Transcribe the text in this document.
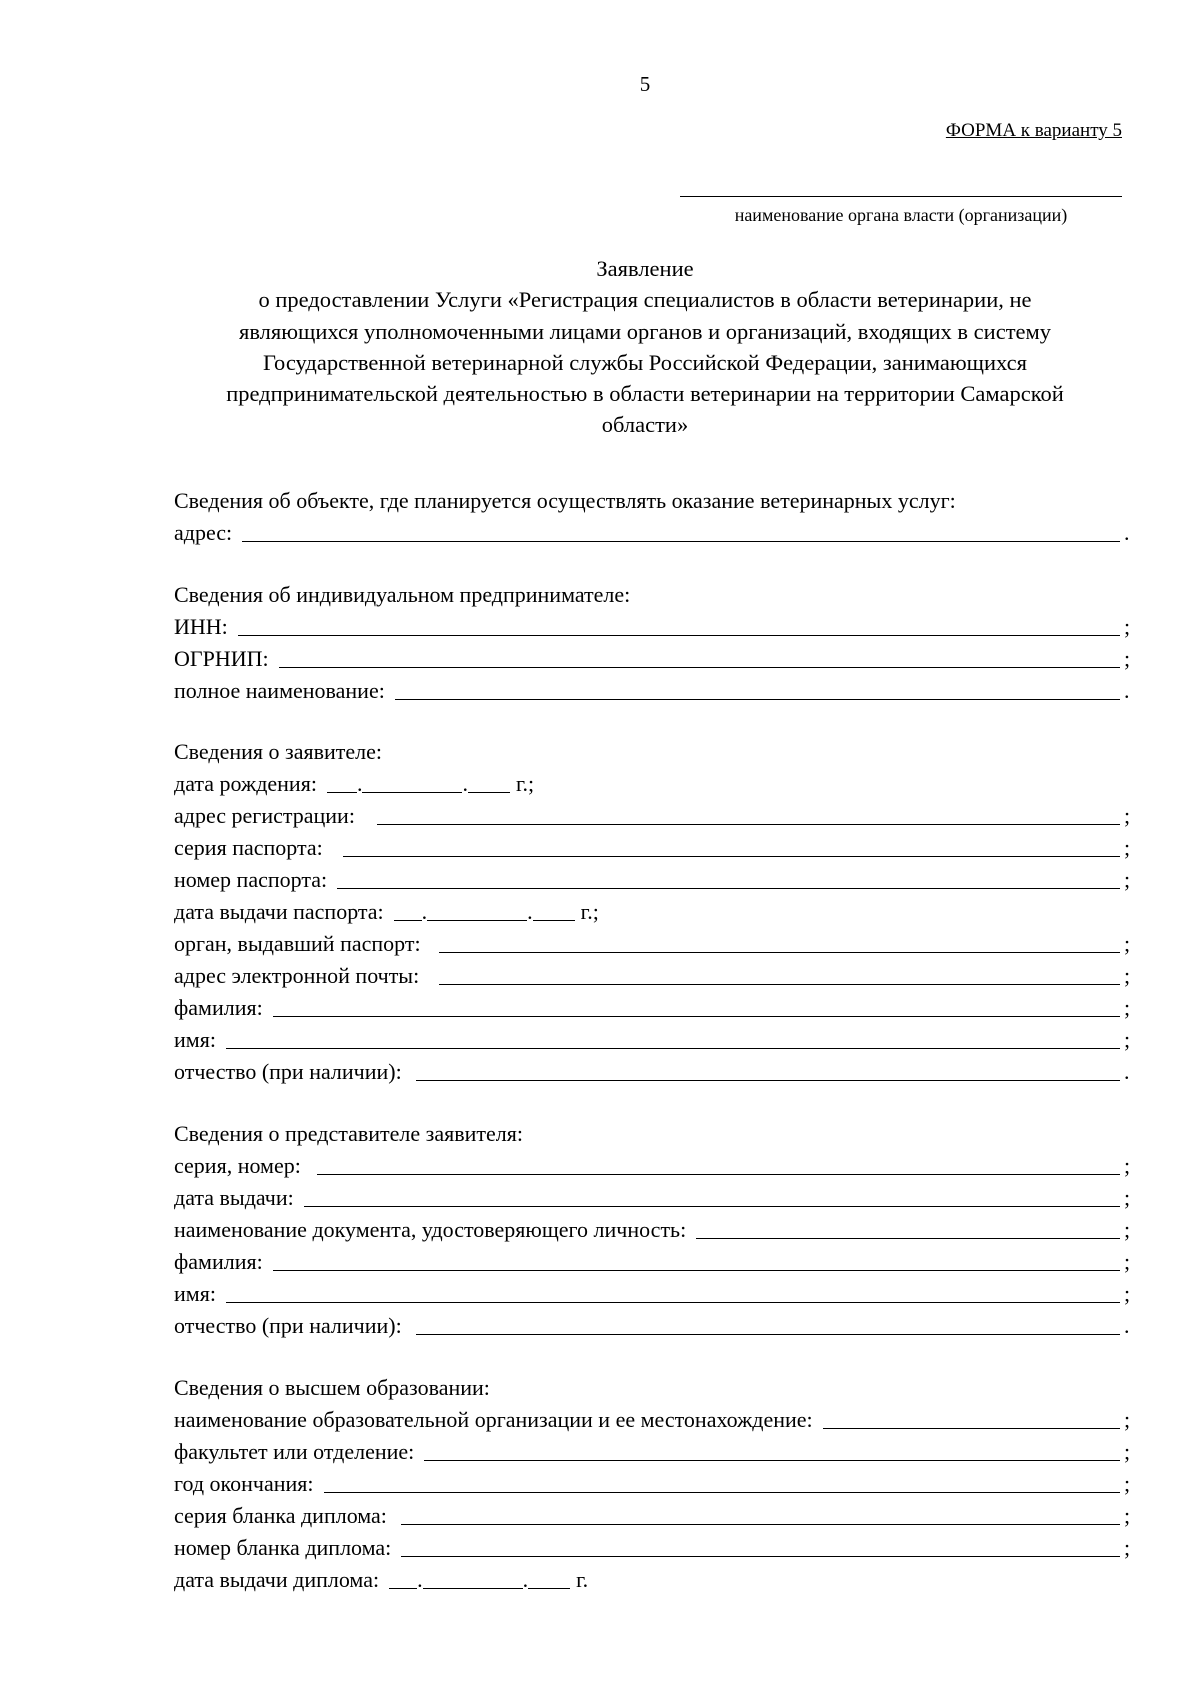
5
ФОРМА к варианту 5
наименование органа власти (организации)
Заявление
о предоставлении Услуги «Регистрация специалистов в области ветеринарии, не
являющихся уполномоченными лицами органов и организаций, входящих в систему
Государственной ветеринарной службы Российской Федерации, занимающихся
предпринимательской деятельностью в области ветеринарии на территории Самарской
области»
Сведения об объекте, где планируется осуществлять оказание ветеринарных услуг:
адрес:	.
Сведения об индивидуальном предпринимателе:
ИНН:	;
ОГРНИП:	;
полное наименование:	.
Сведения о заявителе:
дата рождения: .	. г.;
адрес регистрации:	;
серия паспорта:	;
номер паспорта:	;
дата выдачи паспорта: .	. г.;
орган, выдавший паспорт:	;
адрес электронной почты:	;
фамилия:	;
имя:	;
отчество (при наличии):	.
Сведения о представителе заявителя:
серия, номер:	;
дата выдачи:	;
наименование документа, удостоверяющего личность:	;
фамилия:	;
имя:	;
отчество (при наличии):	.
Сведения о высшем образовании:
наименование образовательной организации и ее местонахождение:	;
факультет или отделение:	;
год окончания:	;
серия бланка диплома:	;
номер бланка диплома:	;
дата выдачи диплома: .	. г.
